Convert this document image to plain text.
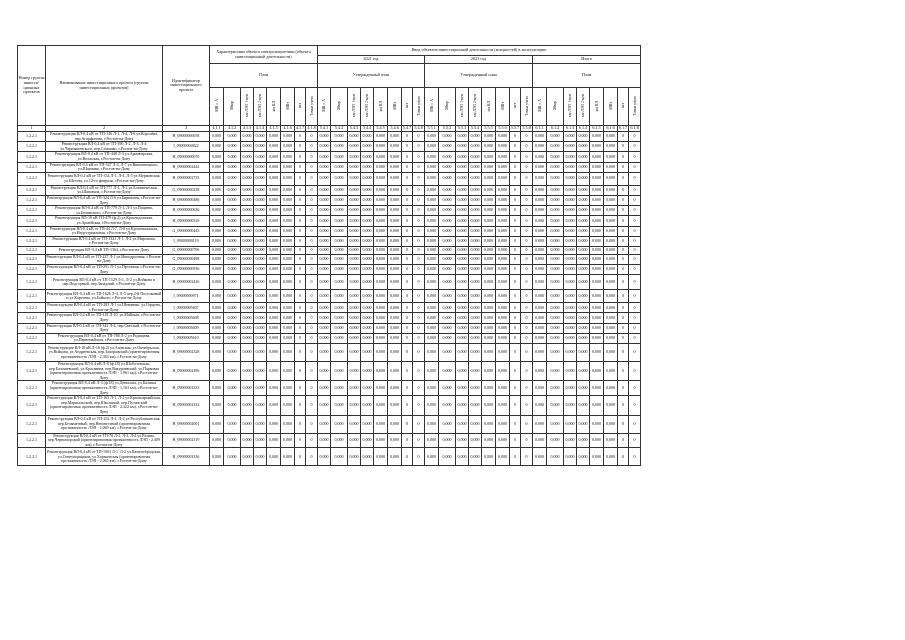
Номер группы инвести-ционных проектов	Наименование инвестиционного проекта (группы инвестиционных проектов)	Идентификатор инвестиционного проекта	Характеристика объекта электроэнергетики (объекта инвестиционной деятельности)								Ввод объектов инвестиционной деятельности (мощностей) в эксплуатацию																							
											2021 год								2023 год								Итого							
			План								Утвержденный план								Утвержденный план								План							
			МВ×А	Мвар	км ЛЭП 1-цеп	км ЛЭП 2-цеп	км КЛ	МВт	шт	Точки учета	МВ×А	Мвар	км ЛЭП 1-цеп	км ЛЭП 2-цеп	км КЛ	МВт	шт	Точки учета	МВ×А	Мвар	км ЛЭП 1-цеп	км ЛЭП 2-цеп	км КЛ	МВт	шт	Точки учета	МВ×А	Мвар	км ЛЭП 1-цеп	км ЛЭП 2-цеп	км КЛ	МВт	шт	Точки учета
1	2	3	4.1.1	4.1.2	4.1.3	4.1.4	4.1.5	4.1.6	4.1.7	4.1.8	5.4.1	5.4.2	5.4.3	5.4.4	5.4.5	5.4.6	5.4.7	5.4.8	5.5.1	5.5.2	5.5.3	5.5.4	5.5.5	5.5.6	5.5.7	5.5.8	6.1.1	6.1.2	6.1.3	6.1.4	6.1.5	6.1.6	6.1.7	6.1.8
1.2.2.1	Реконструкция ВЛ-0,4 кВ от ТП-146 Л-1, Л-4, Л-6 ул.Королёва, пер.Агарфонова, г.Ростов-на-Дону	H_09000000058	0,000	0,000	0,000	0,000	0,000	0,000	0	0	0,000	0,000	0,000	0,000	0,000	0,000	0	0	0,000	0,000	0,000	0,000	0,000	0,000	0	0	0,000	0,000	0,000	0,000	0,000	0,000	0	0
1.2.2.1	Реконструкция ВЛ-0,4 кВ от ТП-390 Л-2, Л-3, Л-4 ул.Чернышевского, пер.Семашко, г.Ростов-на-Дону	I_09000004822	0,000	0,000	0,000	0,000	0,000	0,000	0	0	0,000	0,000	0,000	0,000	0,000	0,000	0	0	0,000	0,000	0,000	0,000	0,000	0,000	0	0	0,000	0,000	0,000	0,000	0,000	0,000	0	0
1.2.2.1	Реконструкция ВЛ-0,4 кВ от ТП-448 Л-3 ул.Армавирская, ул.Волжская, г.Ростов-на-Дону	H_09000000070	0,000	0,000	0,000	0,000	0,000	0,000	0	0	0,000	0,000	0,000	0,000	0,000	0,000	0	0	0,000	0,000	0,000	0,000	0,000	0,000	0	0	0,000	0,000	0,000	0,000	0,000	0,000	0	0
1.2.2.1	Реконструкция ВЛ-0,4 кВ от ТП-547 Л-4, Л-7 ул.Вишневецкого, ул.Шаумяна, г.Ростов-на-Дону	H_09000002442	0,000	0,000	0,000	0,000	0,000	0,000	0	0	0,000	0,000	0,000	0,000	0,000	0,000	0	0	0,000	0,000	0,000	0,000	0,000	0,000	0	0	0,000	0,000	0,000	0,000	0,000	0,000	0	0
1.2.2.1	Реконструкция ВЛ-0,4 кВ от ТП-334 Л-1, Л-4, Л-5 ул.Мурманская, ул.Шестая, ул.12-го февраля, г.Ростов-на-Дону	H_09000002733	0,000	0,000	0,000	0,000	0,000	0,000	0	0	0,000	0,000	0,000	0,000	0,000	0,000	0	0	0,000	0,000	0,000	0,000	0,000	0,000	0	0	0,000	0,000	0,000	0,000	0,000	0,000	0	0
1.2.2.1	Реконструкция ВЛ-0,4 кВ от ТП-777 Л-1, Л-2 ул.Ботаническая, ул.Шаповала, г.Ростов-на-Дону	G_09000000238	0,000	0,000	0,000	0,000	0,000	0,000	0	0	0,000	0,000	0,000	0,000	0,000	0,000	0	0	0,000	0,000	0,000	0,000	0,000	0,000	0	0	0,000	0,000	0,000	0,000	0,000	0,000	0	0
1.2.2.1	Реконструкция ВЛ-0,4 кВ от ТП-324 Л-6 ул.Бирюкова, г.Ростов-на-Дону	H_09000000486	0,000	0,000	0,000	0,000	0,000	0,000	0	0	0,000	0,000	0,000	0,000	0,000	0,000	0	0	0,000	0,000	0,000	0,000	0,000	0,000	0	0	0,000	0,000	0,000	0,000	0,000	0,000	0	0
1.2.2.1	Реконструкция ВЛ-0,4 кВ от ТП-779 Л-1, Л-3 ул.Пацаева, ул.Белинского, г.Ростов-на-Дону	H_09000000636	0,000	0,000	0,000	0,000	0,000	0,000	0	0	0,000	0,000	0,000	0,000	0,000	0,000	0	0	0,000	0,000	0,000	0,000	0,000	0,000	0	0	0,000	0,000	0,000	0,000	0,000	0,000	0	0
1.2.2.1	Реконструкция ВЛ-10 кВ ТП-479 (ф.2) ул.Краснодонская, ул.Армейская, г.Ростов-на-Дону	H_09000000529	0,000	0,000	0,000	0,000	0,000	0,000	0	0	0,000	0,000	0,000	0,000	0,000	0,000	0	0	0,000	0,000	0,000	0,000	0,000	0,000	0	0	0,000	0,000	0,000	0,000	0,000	0,000	0	0
1.2.2.1	Реконструкция ВЛ-0,4 кВ от ТП-44 Л-7, Л-8 ул.Кропоткинская, ул.Индустриальная, г.Ростов-на-Дону	G_09000000443	0,000	0,000	0,000	0,000	0,000	0,000	0	0	0,000	0,000	0,000	0,000	0,000	0,000	0	0	0,000	0,000	0,000	0,000	0,000	0,000	0	0	0,000	0,000	0,000	0,000	0,000	0,000	0	0
1.2.2.1	Реконструкция ВЛ-0,4 кВ от ТП-1321 Л-1, Л-2 ул.Миронова, г.Ростов-на-Дону	I_09000000119	0,000	0,000	0,000	0,000	0,000	0,000	0	0	0,000	0,000	0,000	0,000	0,000	0,000	0	0	0,000	0,000	0,000	0,000	0,000	0,000	0	0	0,000	0,000	0,000	0,000	0,000	0,000	0	0
1.2.2.1	Реконструкция ВЛ-0,4 кВ ТП-1364, г.Ростов-на-Дону	G_09000000796	0,000	0,000	0,000	0,000	0,000	0,000	0	0	0,000	0,000	0,000	0,000	0,000	0,000	0	0	0,000	0,000	0,000	0,000	0,000	0,000	0	0	0,000	0,000	0,000	0,000	0,000	0,000	0	0
1.2.2.1	Реконструкция ВЛ-0,4 кВ от ТП-227 Л-1 ул.Ипподромная, г.Ростов-на-Дону	G_09000000498	0,000	0,000	0,000	0,000	0,000	0,000	0	0	0,000	0,000	0,000	0,000	0,000	0,000	0	0	0,000	0,000	0,000	0,000	0,000	0,000	0	0	0,000	0,000	0,000	0,000	0,000	0,000	0	0
1.2.2.1	Реконструкция ВЛ-0,4 кВ от ТП-291 Л-1 ул.Проезжая, г.Ростов-на-Дону	G_09000000936	0,000	0,000	0,000	0,000	0,000	0,000	0	0	0,000	0,000	0,000	0,000	0,000	0,000	0	0	0,000	0,000	0,000	0,000	0,000	0,000	0	0	0,000	0,000	0,000	0,000	0,000	0,000	0	0
1.2.2.1	Реконструкция ВЛ-0,4 кВ от ТП-1529 Л-1, Л-2 ул.Войкова и пер.Подгорный, пер.Западный, г.Ростов-на-Дону	H_09000002416	0,000	0,000	0,000	0,000	0,000	0,000	0	0	0,000	0,000	0,000	0,000	0,000	0,000	0	0	0,000	0,000	0,000	0,000	0,000	0,000	0	0	0,000	0,000	0,000	0,000	0,000	0,000	0	0
1.2.2.1	Реконструкция ВЛ-0,4 кВ от ТП-1626 Л-4, Л-5 пер.2-й Поселковый и ул.Картчева, ул.Бойкого, г.Ростов-на-Дону	I_09000000971	0,000	0,000	0,000	0,000	0,000	0,000	0	0	0,000	0,000	0,000	0,000	0,000	0,000	0	0	0,000	0,000	0,000	0,000	0,000	0,000	0	0	0,000	0,000	0,000	0,000	0,000	0,000	0	0
1.2.2.1	Реконструкция ВЛ-0,4 кВ от ТП-283 Л-1 ул.Шевченко, ул.Герцена, г.Ростов-на-Дону	I_09000005607	0,000	0,000	0,000	0,000	0,000	0,000	0	0	0,000	0,000	0,000	0,000	0,000	0,000	0	0	0,000	0,000	0,000	0,000	0,000	0,000	0	0	0,000	0,000	0,000	0,000	0,000	0,000	0	0
1.2.2.1	Реконструкция ВЛ-0,4 кВ от ТП-118 Л-10, ул.Майская, г.Ростов-на-Дону	I_09000005608	0,000	0,000	0,000	0,000	0,000	0,000	0	0	0,000	0,000	0,000	0,000	0,000	0,000	0	0	0,000	0,000	0,000	0,000	0,000	0,000	0	0	0,000	0,000	0,000	0,000	0,000	0,000	0	0
1.2.2.1	Реконструкция ВЛ-0,4 кВ от ТП-342 Л-4, пер.Светлый, г.Ростов-на-Дону	I_09000005609	0,000	0,000	0,000	0,000	0,000	0,000	0	0	0,000	0,000	0,000	0,000	0,000	0,000	0	0	0,000	0,000	0,000	0,000	0,000	0,000	0	0	0,000	0,000	0,000	0,000	0,000	0,000	0	0
1.2.2.1	Реконструкция ВЛ-0,4 кВ от ТП-780 Л-2 ул.Радищева, ул.Первомайская, г.Ростов-на-Дону	I_09000005610	0,000	0,000	0,000	0,000	0,000	0,000	0	0	0,000	0,000	0,000	0,000	0,000	0,000	0	0	0,000	0,000	0,000	0,000	0,000	0,000	0	0	0,000	0,000	0,000	0,000	0,000	0,000	0	0
1.2.2.1	Реконструкция ВЛ-10 кВ Л-16 (ф.2) ул.Азовская, ул.Октябрьская, ул.Войкова, ул.Андреевская, пер.Запорожский (ориентировочная протяженность ЛЭП - 2,363 км), г.Ростов-на-Дону	H_09000002328	0,000	0,000	0,000	0,000	0,000	0,000	0	0	0,000	0,000	0,000	0,000	0,000	0,000	0	0	0,000	0,000	0,000	0,000	0,000	0,000	0	0	0,000	0,000	0,000	0,000	0,000	0,000	0	0
1.2.2.1	Реконструкция ВЛ-0,4 кВ Л-8 (ф.18) ул.Шоболовская, пер.Балашевский, ул.Красавина, пер.Вакуриевский, ул.Парковая (ориентировочная протяженность ЛЭП - 1,961 км), г.Ростов-на-Дону	H_09000002396	0,000	0,000	0,000	0,000	0,000	0,000	0	0	0,000	0,000	0,000	0,000	0,000	0,000	0	0	0,000	0,000	0,000	0,000	0,000	0,000	0	0	0,000	0,000	0,000	0,000	0,000	0,000	0	0
1.2.2.1	Реконструкция ВЛ-0,4 кВ Л-3 (ф.18) ул.Денисова, ул.Казачья (ориентировочная протяженность ЛЭП - 1,163 км), г.Ростов-на-Дону	H_09000002333	0,000	0,000	0,000	0,000	0,000	0,000	0	0	0,000	0,000	0,000	0,000	0,000	0,000	0	0	0,000	0,000	0,000	0,000	0,000	0,000	0	0	0,000	0,000	0,000	0,000	0,000	0,000	0	0
1.2.2.1	Реконструкция ВЛ-0,4 кВ от ТП-165 Л-1, Л-2 ул.Красноармейская, пер.Маршальский, пер.Школьный, пер.Путинский (ориентировочная протяженность ЛЭП - 2,322 км), г.Ростов-на-Дону	H_09000002332	0,000	0,000	0,000	0,000	0,000	0,000	0	0	0,000	0,000	0,000	0,000	0,000	0,000	0	0	0,000	0,000	0,000	0,000	0,000	0,000	0	0	0,000	0,000	0,000	0,000	0,000	0,000	0	0
1.2.2.1	Реконструкция ВЛ-0,4 кВ от ТП-252 Л-1, Л-2 ул.Республиканская, пер.Безыменный, пер.Неизвестный (ориентировочная протяженность ЛЭП - 2,069 км), г.Ростов-на-Дону	H_09000002001	0,000	0,000	0,000	0,000	0,000	0,000	0	0	0,000	0,000	0,000	0,000	0,000	0,000	0	0	0,000	0,000	0,000	0,000	0,000	0,000	0	0	0,000	0,000	0,000	0,000	0,000	0,000	0	0
1.2.2.1	Реконструкция ВЛ-0,4 кВ от ТП-70 Л-2, Л-3, Л-4 ул.Разина, пер.Черноморский (ориентировочная протяженность ЛЭП - 2,409 км), г.Ростов-на-Дону	H_09000002319	0,000	0,000	0,000	0,000	0,000	0,000	0	0	0,000	0,000	0,000	0,000	0,000	0,000	0	0	0,000	0,000	0,000	0,000	0,000	0,000	0	0	0,000	0,000	0,000	0,000	0,000	0,000	0	0
1.2.2.1	Реконструкция ВЛ-0,4 кВ от ТП-1003 Л-1, Л-2 ул.Каменобродская, ул.Огнеупорщиков, ул.Харьковская (ориентировочная протяженность ЛЭП - 2,065 км), г.Ростов-на-Дону	H_09000002336	0,000	0,000	0,000	0,000	0,000	0,000	0	0	0,000	0,000	0,000	0,000	0,000	0,000	0	0	0,000	0,000	0,000	0,000	0,000	0,000	0	0	0,000	0,000	0,000	0,000	0,000	0,000	0	0
